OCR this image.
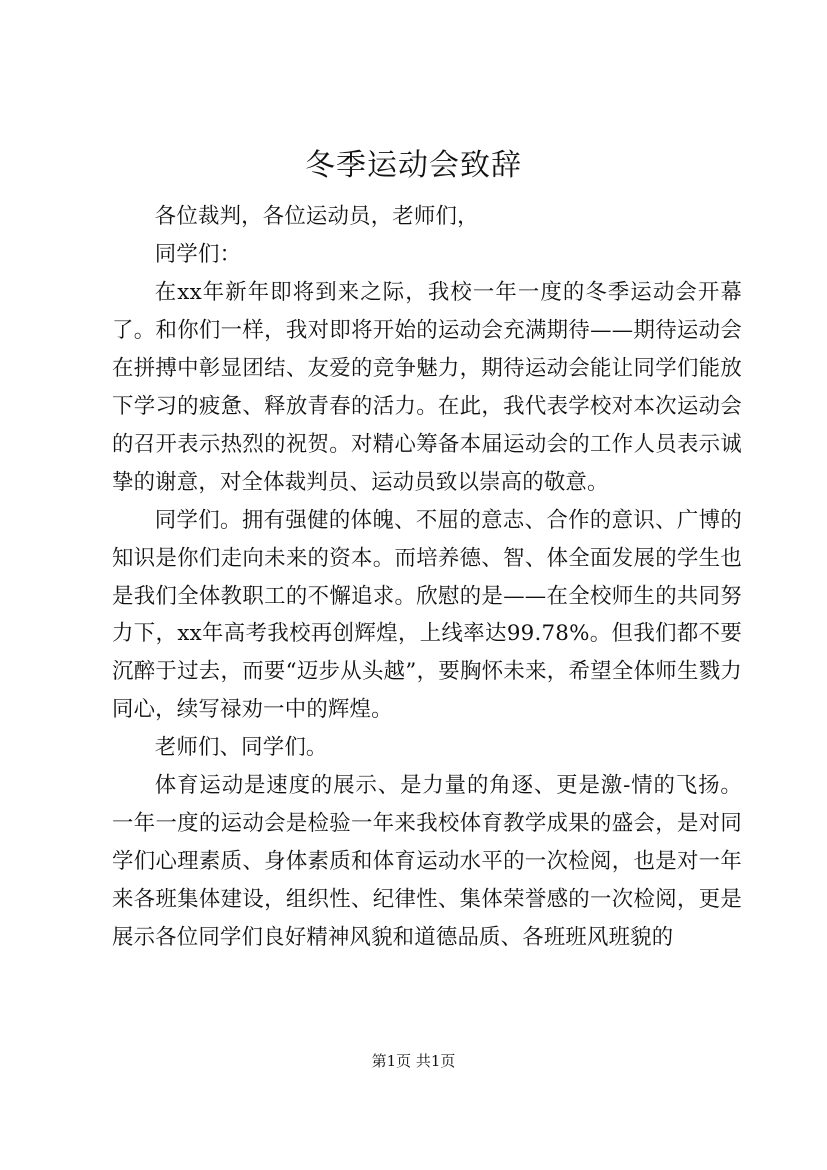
冬季运动会致辞

各位裁判，各位运动员，老师们，

同学们：

在xx年新年即将到来之际，我校一年一度的冬季运动会开幕了。和你们一样，我对即将开始的运动会充满期待——期待运动会在拼搏中彰显团结、友爱的竞争魅力，期待运动会能让同学们能放下学习的疲惫、释放青春的活力。在此，我代表学校对本次运动会的召开表示热烈的祝贺。对精心筹备本届运动会的工作人员表示诚挚的谢意，对全体裁判员、运动员致以崇高的敬意。

同学们。拥有强健的体魄、不屈的意志、合作的意识、广博的知识是你们走向未来的资本。而培养德、智、体全面发展的学生也是我们全体教职工的不懈追求。欣慰的是——在全校师生的共同努力下，xx年高考我校再创辉煌，上线率达99.78%。但我们都不要沉醉于过去，而要“迈步从头越”，要胸怀未来，希望全体师生戮力同心，续写禄劝一中的辉煌。

老师们、同学们。

体育运动是速度的展示、是力量的角逐、更是激-情的飞扬。一年一度的运动会是检验一年来我校体育教学成果的盛会，是对同学们心理素质、身体素质和体育运动水平的一次检阅，也是对一年来各班集体建设，组织性、纪律性、集体荣誉感的一次检阅，更是展示各位同学们良好精神风貌和道德品质、各班班风班貌的

第1页 共1页
